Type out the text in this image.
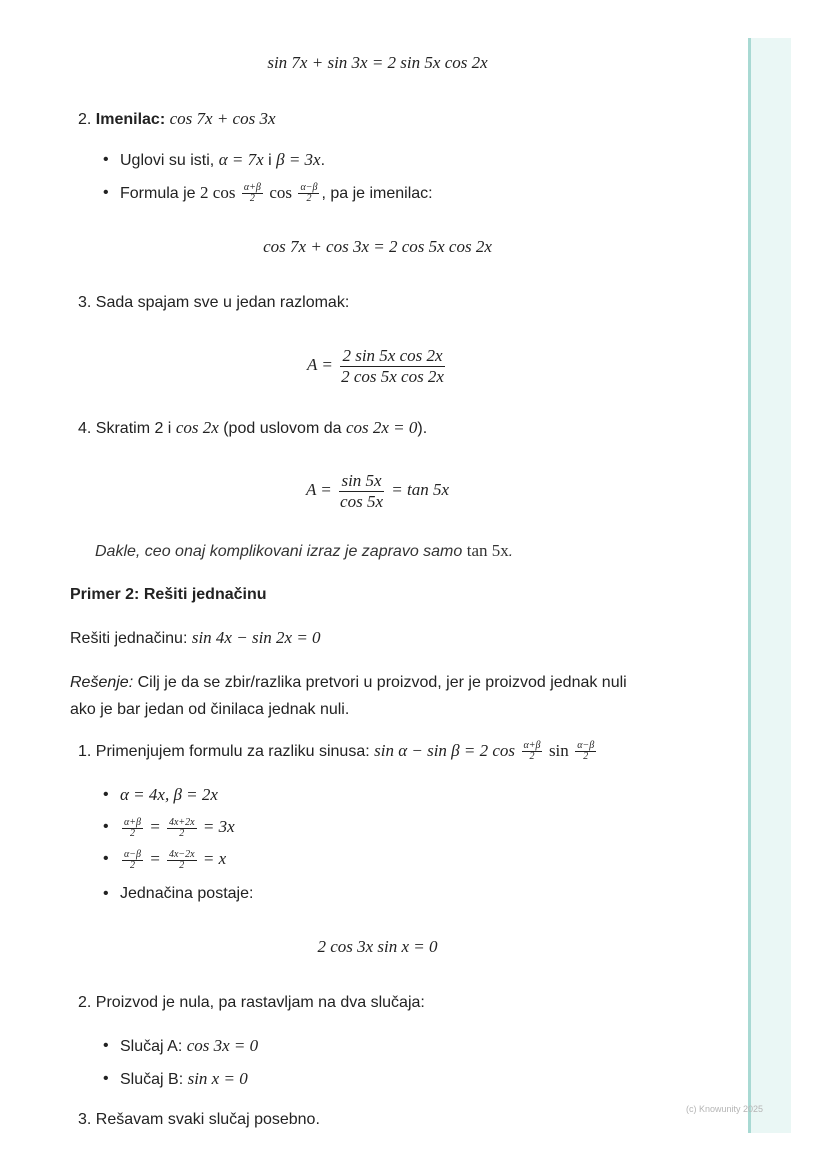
sin 7x + sin 3x = 2 sin 5x cos 2x
2. Imenilac: cos 7x + cos 3x
• Uglovi su isti, α = 7x i β = 3x.
• Formula je 2 $\cos \frac{\alpha+\beta}{2}$ $\cos \frac{\alpha-\beta}{2}$ , pa je imenilac:
cos 7x + cos 3x = 2 cos 5x cos 2x
3. Sada spajam sve u jedan razlomak:
$A = \frac{\text{2 sin 5x cos 2x}}{\text{2 cos 5x cos 2x}}$
4. Skratim 2 i cos 2x (pod uslovom da cos 2x = 0).
$A = \frac{\sin 5x}{\cos 5x} = \tan 5x$
Dakle, ceo onaj komplikovani izraz je zapravo samo tan 5x.
Primer 2: Rešiti jednačinu
Rešiti jednačinu: sin 4x − sin 2x = 0
Rešenje: Cilj je da se zbir/razlika pretvori u proizvod, jer je proizvod jednak nuli
ako je bar jedan od činilaca jednak nuli.
1. Primenjujem formulu za razliku sinusa: sin α − sin β = 2 $\cos \frac{\alpha+\beta}{2}$ $\sin \frac{\alpha-\beta}{2}$
• α = 4x, β = 2x
• $\frac{\alpha+\beta}{2} = \frac{4x+2x}{2} = 3x$
• $\frac{\alpha-\beta}{2} = \frac{4x-2x}{2} = x$
• Jednačina postaje:
2 cos 3x sin x = 0
2. Proizvod je nula, pa rastavljam na dva slučaja:
• Slučaj A: cos 3x = 0
• Slučaj B: sin x = 0
3. Rešavam svaki slučaj posebno.
(c) Knowunity 2025
